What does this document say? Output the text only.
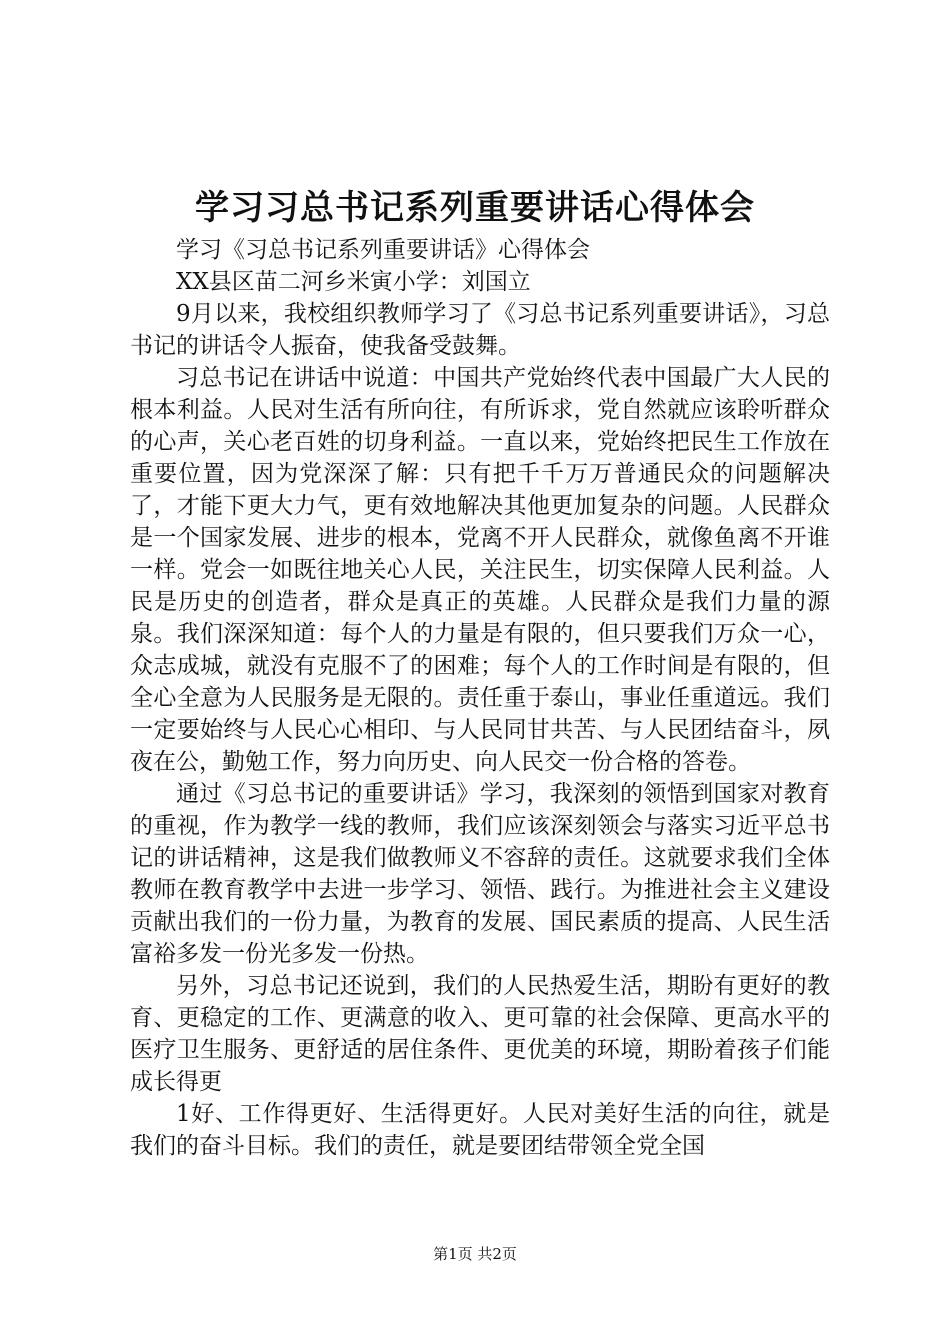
学习习总书记系列重要讲话心得体会

学习《习总书记系列重要讲话》心得体会

XX县区苗二河乡米寅小学：刘国立

9月以来，我校组织教师学习了《习总书记系列重要讲话》，习总书记的讲话令人振奋，使我备受鼓舞。

习总书记在讲话中说道：中国共产党始终代表中国最广大人民的根本利益。人民对生活有所向往，有所诉求，党自然就应该聆听群众的心声，关心老百姓的切身利益。一直以来，党始终把民生工作放在重要位置，因为党深深了解：只有把千千万万普通民众的问题解决了，才能下更大力气，更有效地解决其他更加复杂的问题。人民群众是一个国家发展、进步的根本，党离不开人民群众，就像鱼离不开谁一样。党会一如既往地关心人民，关注民生，切实保障人民利益。人民是历史的创造者，群众是真正的英雄。人民群众是我们力量的源泉。我们深深知道：每个人的力量是有限的，但只要我们万众一心，众志成城，就没有克服不了的困难；每个人的工作时间是有限的，但全心全意为人民服务是无限的。责任重于泰山，事业任重道远。我们一定要始终与人民心心相印、与人民同甘共苦、与人民团结奋斗，夙夜在公，勤勉工作，努力向历史、向人民交一份合格的答卷。

通过《习总书记的重要讲话》学习，我深刻的领悟到国家对教育的重视，作为教学一线的教师，我们应该深刻领会与落实习近平总书记的讲话精神，这是我们做教师义不容辞的责任。这就要求我们全体教师在教育教学中去进一步学习、领悟、践行。为推进社会主义建设贡献出我们的一份力量，为教育的发展、国民素质的提高、人民生活富裕多发一份光多发一份热。

另外，习总书记还说到，我们的人民热爱生活，期盼有更好的教育、更稳定的工作、更满意的收入、更可靠的社会保障、更高水平的医疗卫生服务、更舒适的居住条件、更优美的环境，期盼着孩子们能成长得更

1好、工作得更好、生活得更好。人民对美好生活的向往，就是我们的奋斗目标。我们的责任，就是要团结带领全党全国

第1页 共2页
